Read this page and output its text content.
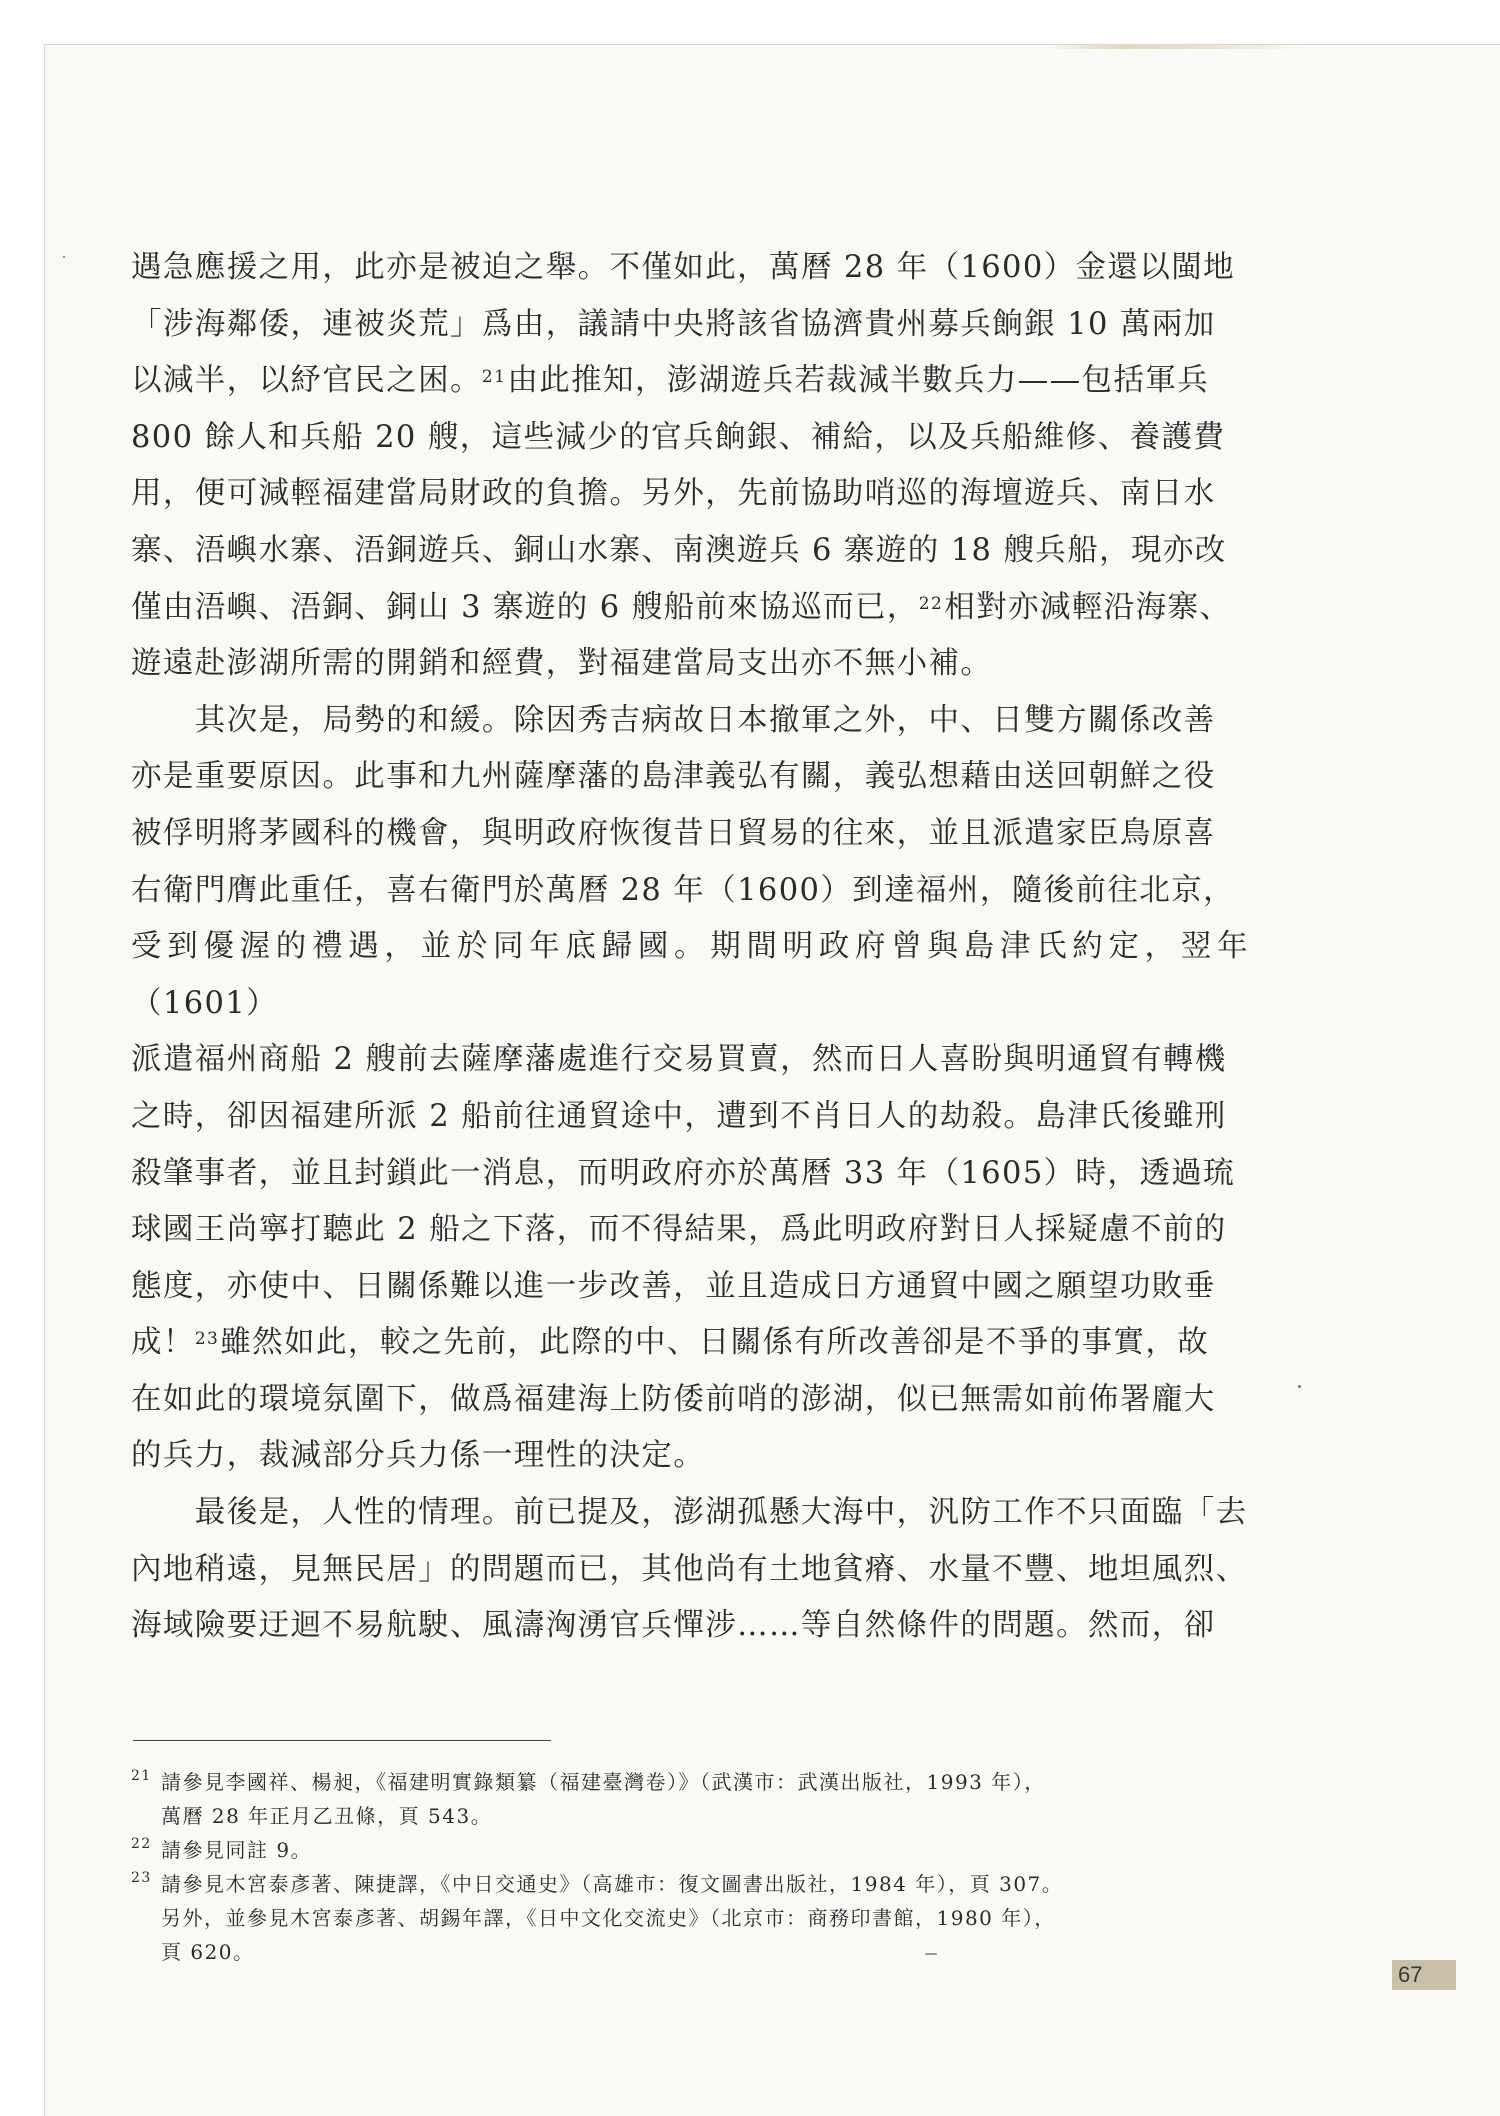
遇急應援之用，此亦是被迫之舉。不僅如此，萬曆 28 年（1600）金還以閩地
「涉海鄰倭，連被炎荒」爲由，議請中央將該省協濟貴州募兵餉銀 10 萬兩加
以減半，以紓官民之困。$^{21}$由此推知，澎湖遊兵若裁減半數兵力——包括軍兵
800 餘人和兵船 20 艘，這些減少的官兵餉銀、補給，以及兵船維修、養護費
用，便可減輕福建當局財政的負擔。另外，先前協助哨巡的海壇遊兵、南日水
寨、浯嶼水寨、浯銅遊兵、銅山水寨、南澳遊兵 6 寨遊的 18 艘兵船，現亦改
僅由浯嶼、浯銅、銅山 3 寨遊的 6 艘船前來協巡而已，$^{22}$相對亦減輕沿海寨、
遊遠赴澎湖所需的開銷和經費，對福建當局支出亦不無小補。

　　其次是，局勢的和緩。除因秀吉病故日本撤軍之外，中、日雙方關係改善
亦是重要原因。此事和九州薩摩藩的島津義弘有關，義弘想藉由送回朝鮮之役
被俘明將茅國科的機會，與明政府恢復昔日貿易的往來，並且派遣家臣鳥原喜
右衛門膺此重任，喜右衛門於萬曆 28 年（1600）到達福州，隨後前往北京，
受到優渥的禮遇，並於同年底歸國。期間明政府曾與島津氏約定，翌年（1601）
派遣福州商船 2 艘前去薩摩藩處進行交易買賣，然而日人喜盼與明通貿有轉機
之時，卻因福建所派 2 船前往通貿途中，遭到不肖日人的劫殺。島津氏後雖刑
殺肇事者，並且封鎖此一消息，而明政府亦於萬曆 33 年（1605）時，透過琉
球國王尚寧打聽此 2 船之下落，而不得結果，爲此明政府對日人採疑慮不前的
態度，亦使中、日關係難以進一步改善，並且造成日方通貿中國之願望功敗垂
成！$^{23}$雖然如此，較之先前，此際的中、日關係有所改善卻是不爭的事實，故
在如此的環境氛圍下，做爲福建海上防倭前哨的澎湖，似已無需如前佈署龐大
的兵力，裁減部分兵力係一理性的決定。

　　最後是，人性的情理。前已提及，澎湖孤懸大海中，汎防工作不只面臨「去
內地稍遠，見無民居」的問題而已，其他尚有土地貧瘠、水量不豐、地坦風烈、
海域險要迂迴不易航駛、風濤洶湧官兵憚涉……等自然條件的問題。然而，卻

21 請參見李國祥、楊昶，《福建明實錄類纂（福建臺灣卷）》（武漢市：武漢出版社，1993 年），
萬曆 28 年正月乙丑條，頁 543。

22 請參見同註 9。

23 請參見木宮泰彥著、陳捷譯，《中日交通史》（高雄市：復文圖書出版社，1984 年），頁 307。
另外，並參見木宮泰彥著、胡錫年譯，《日中文化交流史》（北京市：商務印書館，1980 年），
頁 620。

67
